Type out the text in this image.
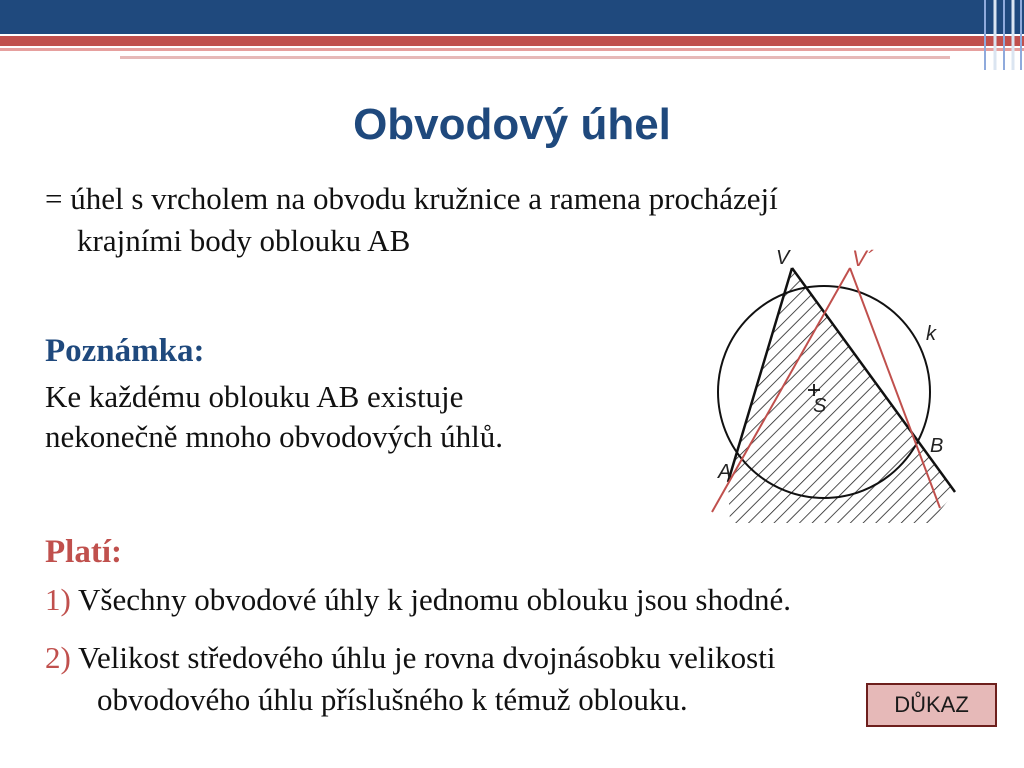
Obvodový úhel
= úhel s vrcholem na obvodu kružnice a ramena procházejí
krajními body oblouku AB
Poznámka:
Ke každému oblouku AB existuje
nekonečně mnoho obvodových úhlů.
Platí:
1) Všechny obvodové úhly k jednomu oblouku jsou shodné.
2) Velikost středového úhlu je rovna dvojnásobku velikosti
obvodového úhlu příslušného k témuž oblouku.	DŮKAZ
V	V´
k
S
A
B
